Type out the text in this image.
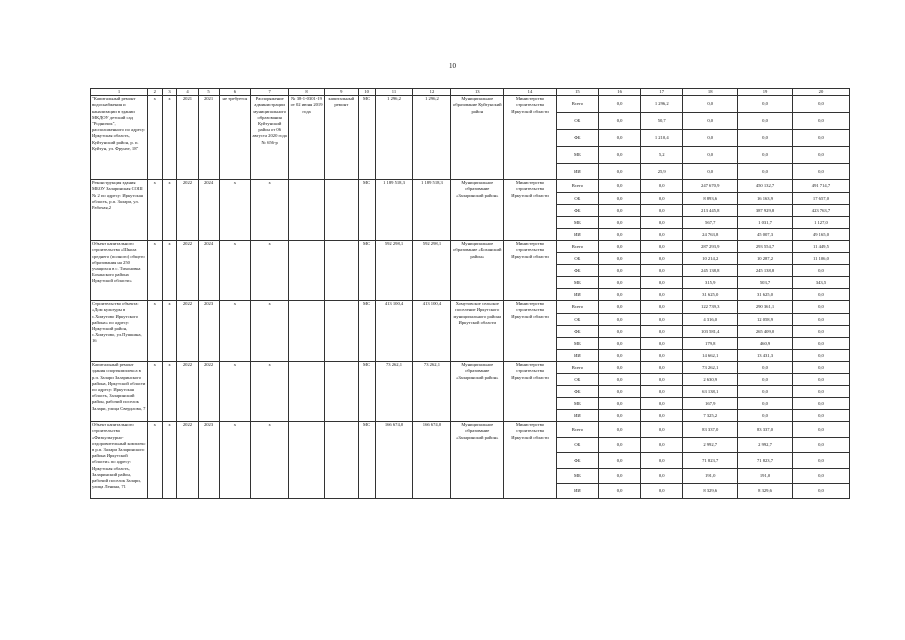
10
1	2	3	4	5	6	7	8	9	10	11	12	13	14	15	16	17	18	19	20
"Капитальный ремонт водоснабжения и канализации в здании МКДОУ детский сад "Родничок", расположенного по адресу: Иркутская область, Куйтунский район, р. п. Куйтун, ул. Фрунзе, 18"	х	х	2021	2021	не требуется	Распоряжение администрации муниципального образования Куйтунский район от 06 августа 2020 года № 656-р	№ 38-1-0301-19 от 02 июня 2019 года	капитальный ремонт	МС	1 296,2	1 296,2	Муниципальное образование Куйтунский район	Министерство строительства Иркутской области	Всего	0,0	1 296,2	0,0	0,0	0,0
														ОБ	0,0	50,7	0,0	0,0	0,0
														ФБ	0,0	1 210,4	0,0	0,0	0,0
														МБ	0,0	5,2	0,0	0,0	0,0
														ИИ	0,0	25,9	0,0	0,0	0,0
Реконструкция здания МБОУ Заларинская СОШ № 2 по адресу: Иркутская область, р.п. Залари, ул. Рабочая,2	х	х	2022	2024	х	х			МС	1 189 518,3	1 189 518,3	Муниципальное образование «Заларинский район»	Министерство строительства Иркутской области	Всего	0,0	0,0	247 670,9	450 132,7	491 714,7
														ОБ	0,0	0,0	8 893,6	16 163,9	17 657,0
														ФБ	0,0	0,0	213 445,8	387 929,8	423 763,7
														МБ	0,0	0,0	567,7	1 031,7	1 127,0
														ИИ	0,0	0,0	24 763,8	45 007,3	49 165,0
Объект капитального строительства «Школа среднего (полного) общего образования на 250 учащихся в с. Тихоновка Боханского района Иркутской области»	х	х	2022	2024	х	х			МС	592 298,1	592 298,1	Муниципальное образование «Боханский район»	Министерство строительства Иркутской области	Всего	0,0	0,0	287 293,9	293 554,7	11 449,5
														ОБ	0,0	0,0	10 214,2	10 287,2	11 106,0
														ФБ	0,0	0,0	245 138,8	245 138,8	0,0
														МБ	0,0	0,0	315,9	503,7	343,5
														ИИ	0,0	0,0	31 625,0	31 625,0	0,0
Строительство объекта: «Дом культуры в с.Хомутово Иркутского района» по адресу: Иркутский район, с.Хомутово, ул.Пушкина, 16	х	х	2022	2023	х	х			МС	413 100,4	413 100,4	Хомутовское сельское поселение Иркутского муниципального района Иркутской области	Министерство строительства Иркутской области	Всего	0,0	0,0	122 739,3	290 361,1	0,0
														ОБ	0,0	0,0	4 316,0	12 058,9	0,0
														ФБ	0,0	0,0	103 581,4	265 409,0	0,0
														МБ	0,0	0,0	179,8	460,9	0,0
														ИИ	0,0	0,0	14 662,1	13 431,3	0,0
Капитальный ремонт здания спорткомплекса в р.п. Залари Заларинского района, Иркутской области по адресу: Иркутская область, Заларинский район, рабочий поселок Залари, улица Свердлова, 7	х	х	2022	2022	х	х			МС	73 262,1	73 262,1	Муниципальное образование «Заларинский район»	Министерство строительства Иркутской области	Всего	0,0	0,0	73 262,1	0,0	0,0
														ОБ	0,0	0,0	2 630,9	0,0	0,0
														ФБ	0,0	0,0	63 138,1	0,0	0,0
														МБ	0,0	0,0	167,9	0,0	0,0
														ИИ	0,0	0,0	7 325,2	0,0	0,0
Объект капитального строительства «Физкультурно-оздоровительный комплекс в р.п. Залари Заларинского района Иркутской области» по адресу: Иркутская область, Заларинский район, рабочий поселок Залари, улица Ленина, 71	х	х	2022	2023	х	х			МС	166 674,0	166 674,0	Муниципальное образование «Заларинский район»	Министерство строительства Иркутской области	Всего	0,0	0,0	83 337,0	83 337,0	0,0
														ОБ	0,0	0,0	2 992,7	2 992,7	0,0
														ФБ	0,0	0,0	71 823,7	71 823,7	0,0
														МБ	0,0	0,0	191,0	191,0	0,0
														ИИ	0,0	0,0	8 329,6	8 329,6	0,0
